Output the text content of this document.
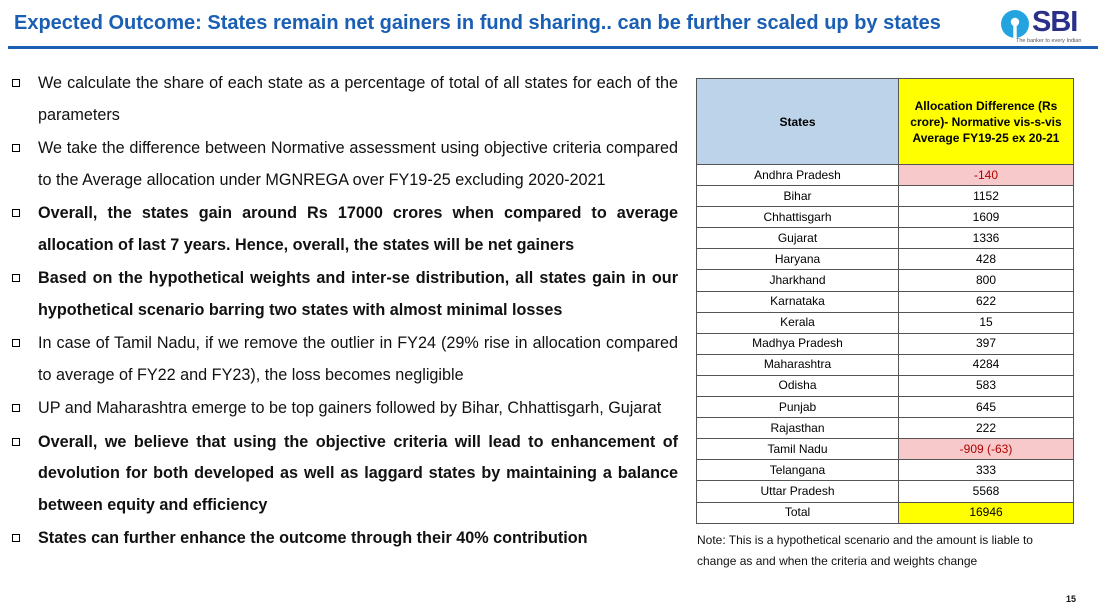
Expected Outcome: States remain net gainers in fund sharing.. can be further scaled up by states	SBI
The banker to every Indian
We calculate the share of each state as a percentage of total of all states for each of the parameters
We take the difference between Normative assessment using objective criteria compared to the Average allocation under MGNREGA over FY19-25 excluding 2020-2021
Overall, the states gain around Rs 17000 crores when compared to average allocation of last 7 years. Hence, overall, the states will be net gainers
Based on the hypothetical weights and inter-se distribution, all states gain in our hypothetical scenario barring two states with almost minimal losses
In case of Tamil Nadu, if we remove the outlier in FY24 (29% rise in allocation compared to average of FY22 and FY23), the loss becomes negligible
UP and Maharashtra emerge to be top gainers followed by Bihar, Chhattisgarh, Gujarat
Overall, we believe that using the objective criteria will lead to enhancement of devolution for both developed as well as laggard states by maintaining a balance between equity and efficiency
States can further enhance the outcome through their 40% contribution
States	Allocation Difference (Rs crore)- Normative vis-s-vis Average FY19-25 ex 20-21
Andhra Pradesh	-140
Bihar	1152
Chhattisgarh	1609
Gujarat	1336
Haryana	428
Jharkhand	800
Karnataka	622
Kerala	15
Madhya Pradesh	397
Maharashtra	4284
Odisha	583
Punjab	645
Rajasthan	222
Tamil Nadu	-909 (-63)
Telangana	333
Uttar Pradesh	5568
Total	16946
Note: This is a hypothetical scenario and the amount is liable to change as and when the criteria and weights change
15
